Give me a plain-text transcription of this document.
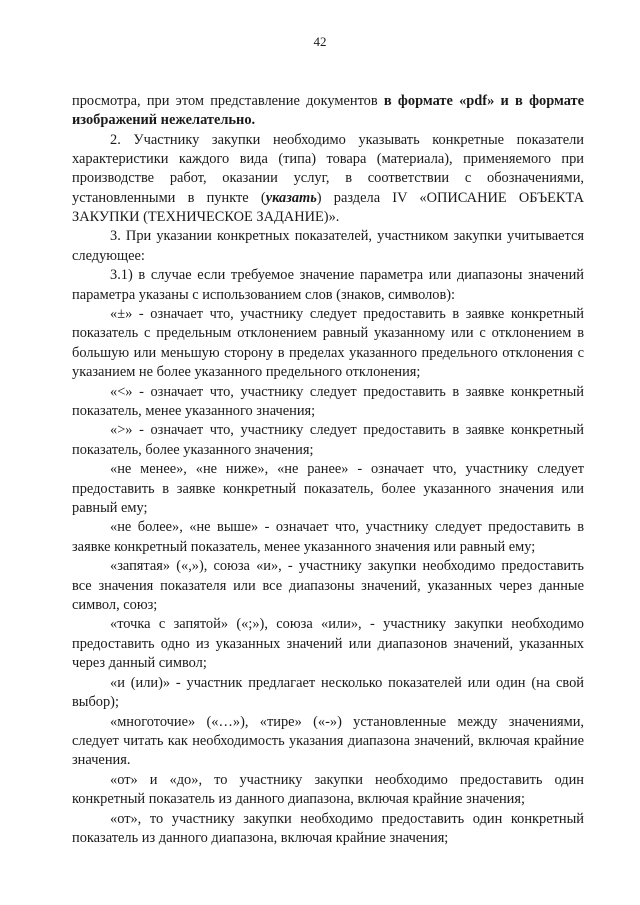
42

просмотра, при этом представление документов в формате «pdf» и в формате изображений нежелательно.

2. Участнику закупки необходимо указывать конкретные показатели характеристики каждого вида (типа) товара (материала), применяемого при производстве работ, оказании услуг, в соответствии с обозначениями, установленными в пункте (указать) раздела IV «ОПИСАНИЕ ОБЪЕКТА ЗАКУПКИ (ТЕХНИЧЕСКОЕ ЗАДАНИЕ)».

3. При указании конкретных показателей, участником закупки учитывается следующее:

3.1) в случае если требуемое значение параметра или диапазоны значений параметра указаны с использованием слов (знаков, символов):

«±» - означает что, участнику следует предоставить в заявке конкретный показатель с предельным отклонением равный указанному или с отклонением в большую или меньшую сторону в пределах указанного предельного отклонения с указанием не более указанного предельного отклонения;

«<» - означает что, участнику следует предоставить в заявке конкретный показатель, менее указанного значения;

«>» - означает что, участнику следует предоставить в заявке конкретный показатель, более указанного значения;

«не менее», «не ниже», «не ранее» - означает что, участнику следует предоставить в заявке конкретный показатель, более указанного значения или равный ему;

«не более», «не выше» - означает что, участнику следует предоставить в заявке конкретный показатель, менее указанного значения или равный ему;

«запятая» («,»), союза «и», - участнику закупки необходимо предоставить все значения показателя или все диапазоны значений, указанных через данные символ, союз;

«точка с запятой» («;»), союза «или», - участнику закупки необходимо предоставить одно из указанных значений или диапазонов значений, указанных через данный символ;

«и (или)» - участник предлагает несколько показателей или один (на свой выбор);

«многоточие» («…»), «тире» («-») установленные между значениями, следует читать как необходимость указания диапазона значений, включая крайние значения.

«от» и «до», то участнику закупки необходимо предоставить один конкретный показатель из данного диапазона, включая крайние значения;

«от», то участнику закупки необходимо предоставить один конкретный показатель из данного диапазона, включая крайние значения;
